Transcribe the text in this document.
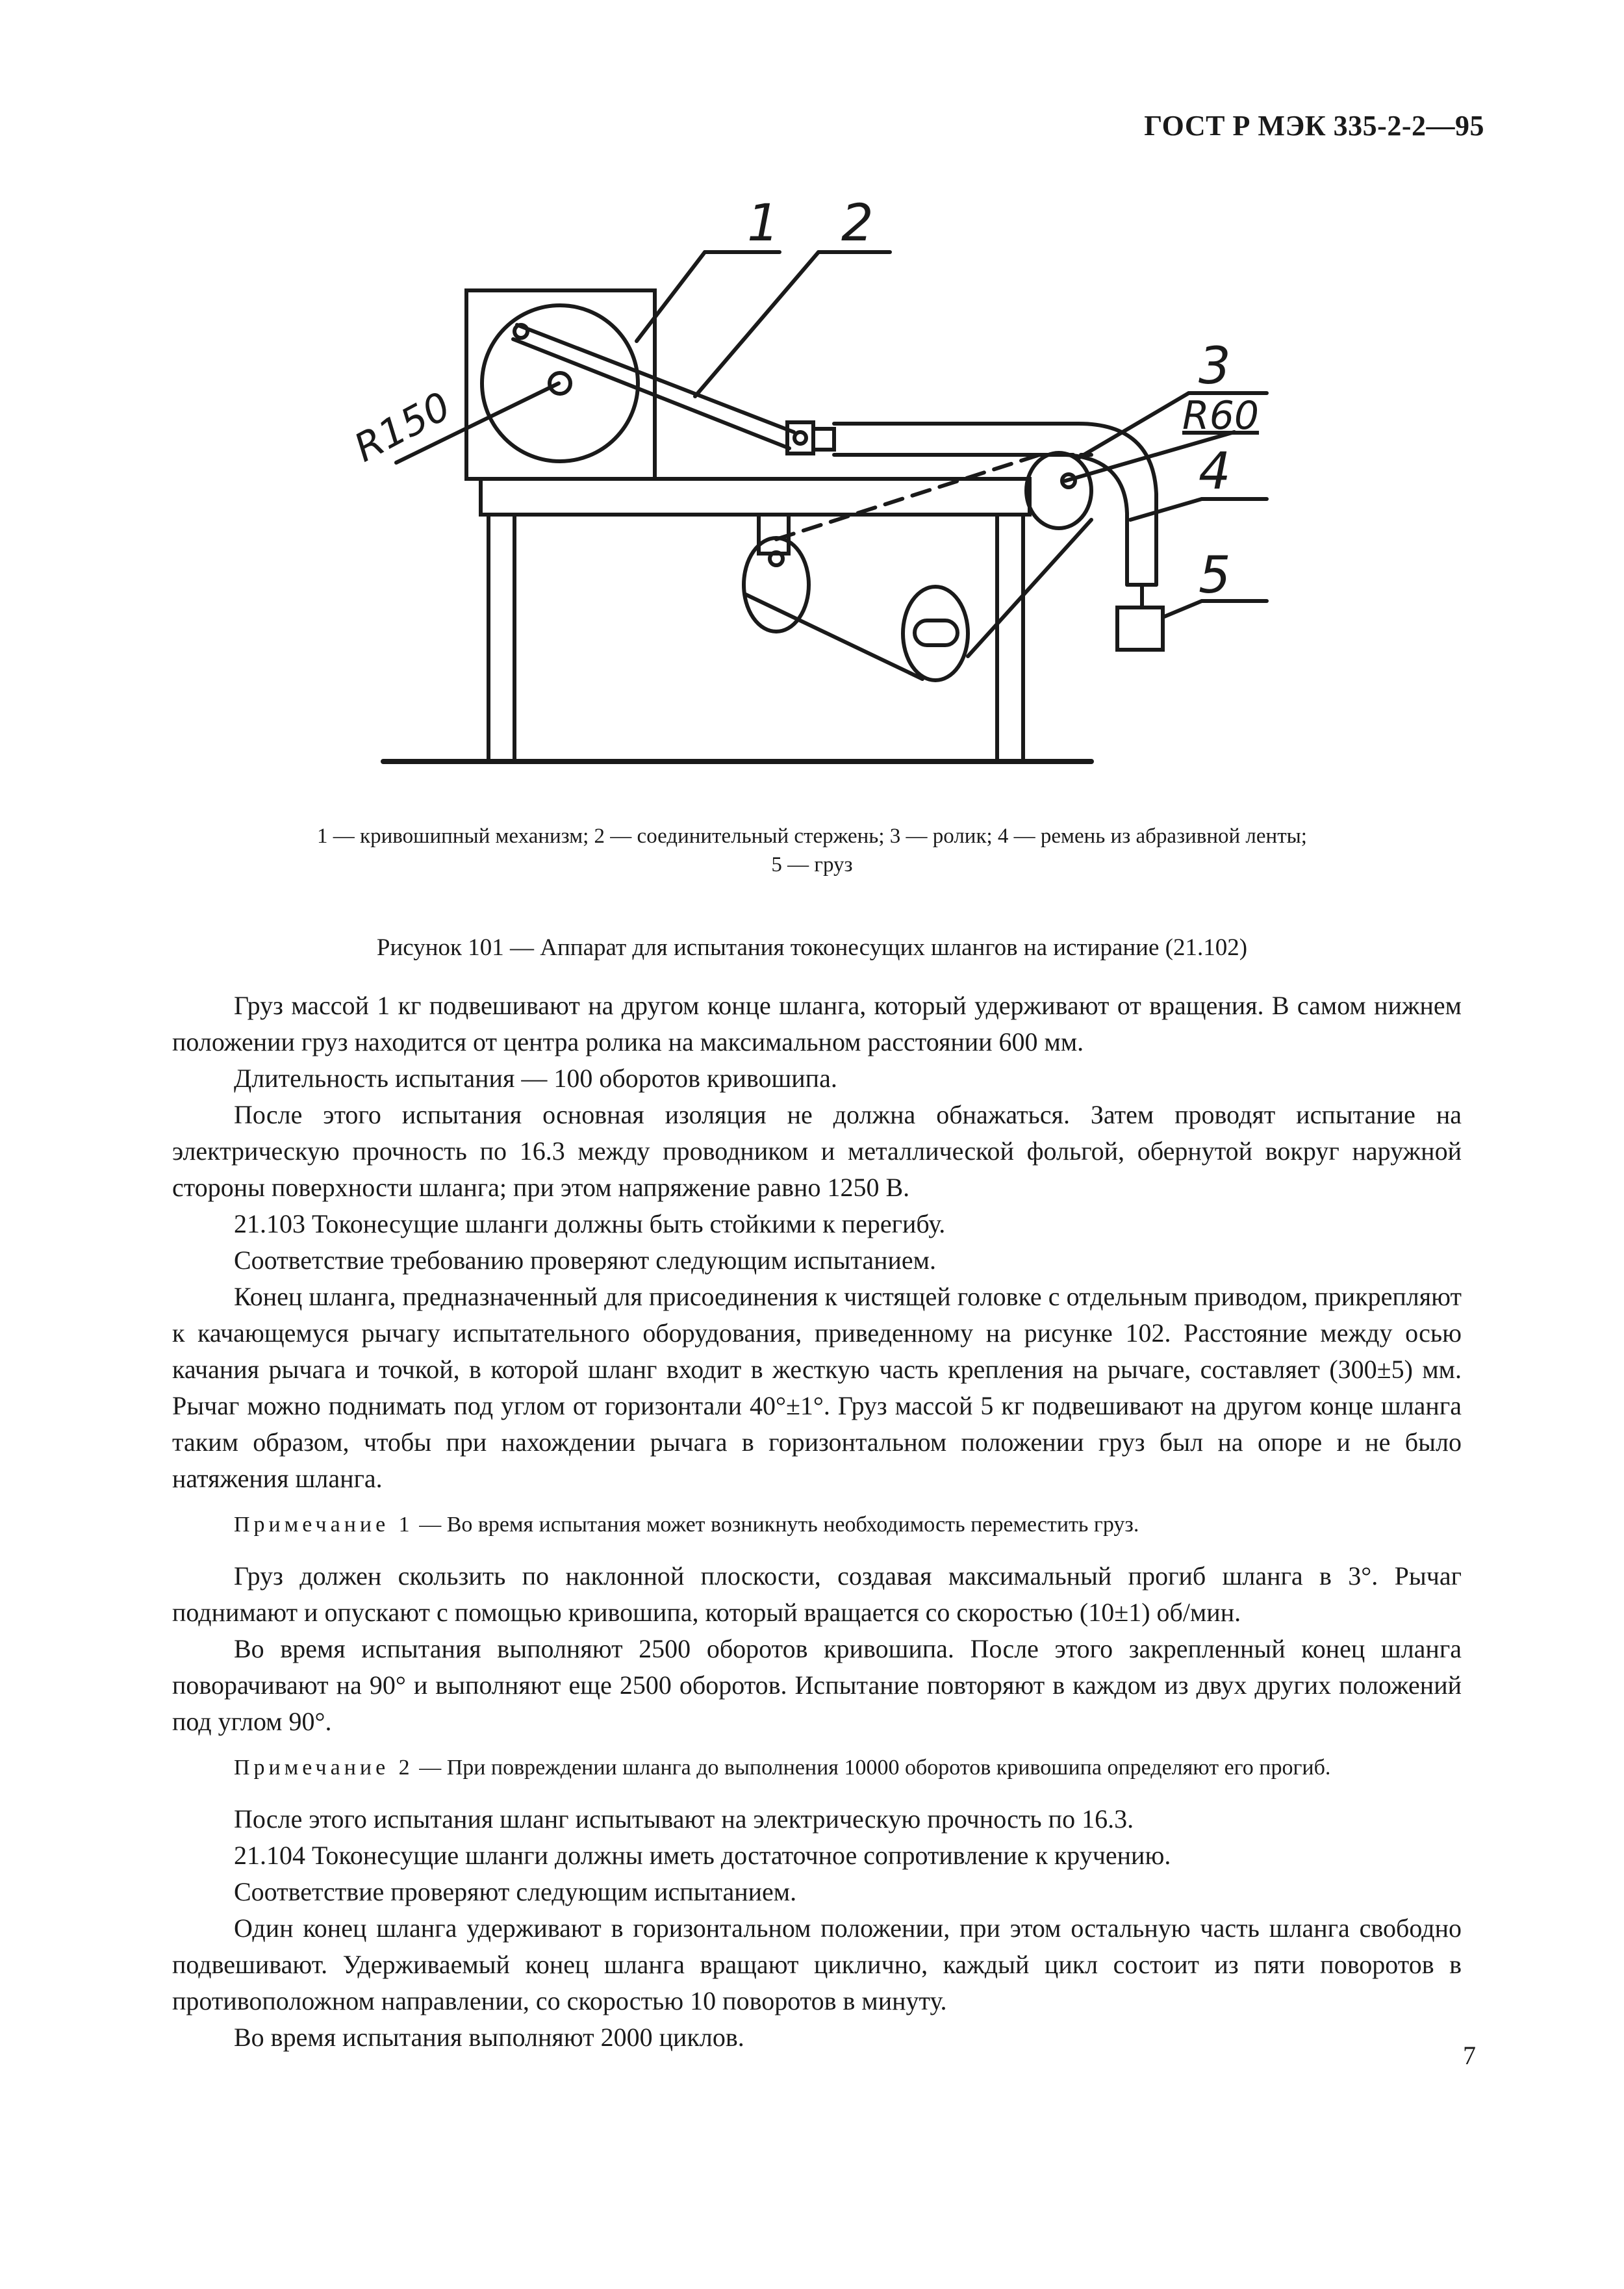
ГОСТ Р МЭК 335-2-2—95
1 2
3
4
5
R60
R150
1 — кривошипный механизм; 2 — соединительный стержень; 3 — ролик; 4 — ремень из абразивной ленты;
5 — груз
Рисунок 101 — Аппарат для испытания токонесущих шлангов на истирание (21.102)

Груз массой 1 кг подвешивают на другом конце шланга, который удерживают от вращения. В самом нижнем положении груз находится от центра ролика на максимальном расстоянии 600 мм.

Длительность испытания — 100 оборотов кривошипа.

После этого испытания основная изоляция не должна обнажаться. Затем проводят испытание на электрическую прочность по 16.3 между проводником и металлической фольгой, обернутой вокруг наружной стороны поверхности шланга; при этом напряжение равно 1250 В.

21.103 Токонесущие шланги должны быть стойкими к перегибу.

Соответствие требованию проверяют следующим испытанием.

Конец шланга, предназначенный для присоединения к чистящей головке с отдельным приводом, прикрепляют к качающемуся рычагу испытательного оборудования, приведенному на рисунке 102. Расстояние между осью качания рычага и точкой, в которой шланг входит в жесткую часть крепления на рычаге, составляет (300±5) мм. Рычаг можно поднимать под углом от горизонтали 40°±1°. Груз массой 5 кг подвешивают на другом конце шланга таким образом, чтобы при нахождении рычага в горизонтальном положении груз был на опоре и не было натяжения шланга.

Примечание 1 — Во время испытания может возникнуть необходимость переместить груз.

Груз должен скользить по наклонной плоскости, создавая максимальный прогиб шланга в 3°. Рычаг поднимают и опускают с помощью кривошипа, который вращается со скоростью (10±1) об/мин.

Во время испытания выполняют 2500 оборотов кривошипа. После этого закрепленный конец шланга поворачивают на 90° и выполняют еще 2500 оборотов. Испытание повторяют в каждом из двух других положений под углом 90°.

Примечание 2 — При повреждении шланга до выполнения 10000 оборотов кривошипа определяют его прогиб.

После этого испытания шланг испытывают на электрическую прочность по 16.3.

21.104 Токонесущие шланги должны иметь достаточное сопротивление к кручению.

Соответствие проверяют следующим испытанием.

Один конец шланга удерживают в горизонтальном положении, при этом остальную часть шланга свободно подвешивают. Удерживаемый конец шланга вращают циклично, каждый цикл состоит из пяти поворотов в противоположном направлении, со скоростью 10 поворотов в минуту.

Во время испытания выполняют 2000 циклов.

7
